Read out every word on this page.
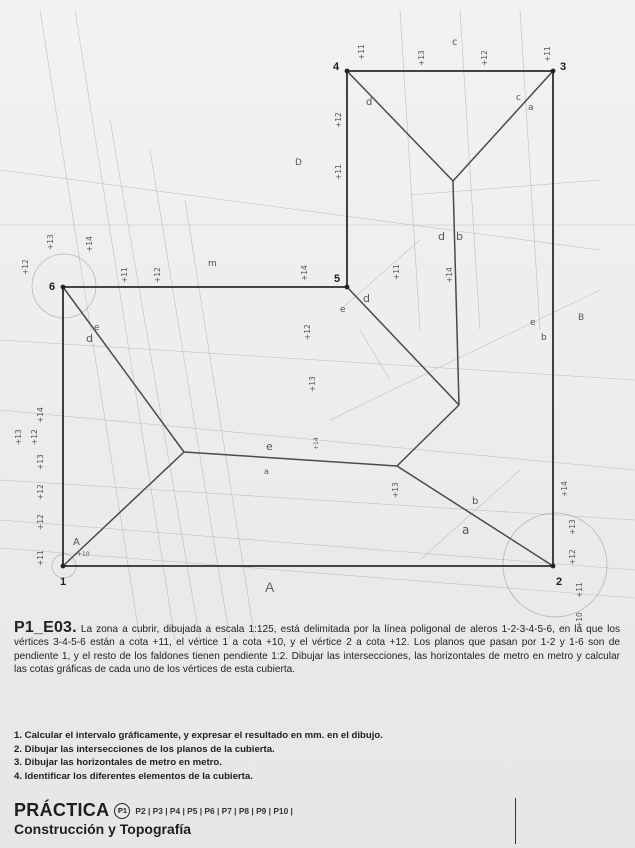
1	2
3
4
5
6
A
+11	+13
c
+12	+11
a
c
d
+12
D
+11
d b
+11	+14
+13
+12
+14
m
+11	+12	+14
e
d
e
b
B
d
e	+12
+13
+14
e
a
+14
b
a
+13
+12
A
+12
+13 +12
+11	+10
+10
+11
+12
+13
+14
+13
P1_E03. La zona a cubrir, dibujada a escala 1:125, está delimitada por la línea poligonal de aleros 1-2-3-4-5-6, en la que los vértices 3-4-5-6 están a cota +11, el vértice 1 a cota +10, y el vértice 2 a cota +12. Los planos que pasan por 1-2 y 1-6 son de pendiente 1, y el resto de los faldones tienen pendiente 1:2. Dibujar las intersecciones, las horizontales de metro en metro y calcular las cotas gráficas de cada uno de los vértices de esta cubierta.
1. Calcular el intervalo gráficamente, y expresar el resultado en mm. en el dibujo.
2. Dibujar las intersecciones de los planos de la cubierta.
3. Dibujar las horizontales de metro en metro.
4. Identificar los diferentes elementos de la cubierta.
PRÁCTICA	P1	P2 | P3 | P4 | P5 | P6 | P7 | P8 | P9 | P10 |
Construcción y Topografía
